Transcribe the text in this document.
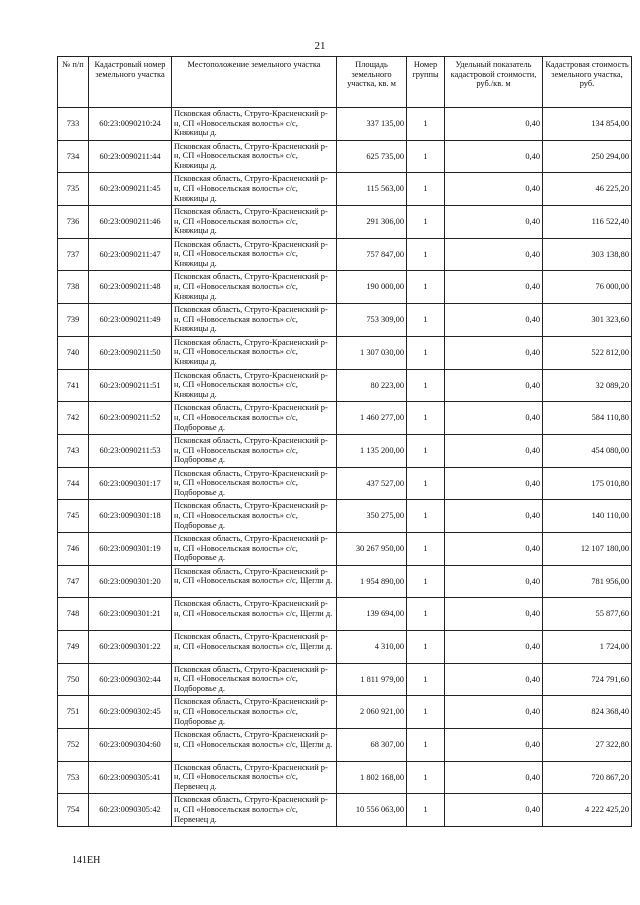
21
№ п/п	Кадастровый номер земельного участка	Местоположение земельного участка	Площадь земельного участка, кв. м	Номер группы	Удельный показатель кадастровой стоимости, руб./кв. м	Кадастровая стоимость земельного участка, руб.
733	60:23:0090210:24	Псковская область, Струго-Красненский р-н, СП «Новосельская волость» с/с, Княжицы д.	337 135,00	1	0,40	134 854,00
734	60:23:0090211:44	Псковская область, Струго-Красненский р-н, СП «Новосельская волость» с/с, Княжицы д.	625 735,00	1	0,40	250 294,00
735	60:23:0090211:45	Псковская область, Струго-Красненский р-н, СП «Новосельская волость» с/с, Княжицы д.	115 563,00	1	0,40	46 225,20
736	60:23:0090211:46	Псковская область, Струго-Красненский р-н, СП «Новосельская волость» с/с, Княжицы д.	291 306,00	1	0,40	116 522,40
737	60:23:0090211:47	Псковская область, Струго-Красненский р-н, СП «Новосельская волость» с/с, Княжицы д.	757 847,00	1	0,40	303 138,80
738	60:23:0090211:48	Псковская область, Струго-Красненский р-н, СП «Новосельская волость» с/с, Княжицы д.	190 000,00	1	0,40	76 000,00
739	60:23:0090211:49	Псковская область, Струго-Красненский р-н, СП «Новосельская волость» с/с, Княжицы д.	753 309,00	1	0,40	301 323,60
740	60:23:0090211:50	Псковская область, Струго-Красненский р-н, СП «Новосельская волость» с/с, Княжицы д.	1 307 030,00	1	0,40	522 812,00
741	60:23:0090211:51	Псковская область, Струго-Красненский р-н, СП «Новосельская волость» с/с, Княжицы д.	80 223,00	1	0,40	32 089,20
742	60:23:0090211:52	Псковская область, Струго-Красненский р-н, СП «Новосельская волость» с/с, Подборовье д.	1 460 277,00	1	0,40	584 110,80
743	60:23:0090211:53	Псковская область, Струго-Красненский р-н, СП «Новосельская волость» с/с, Подборовье д.	1 135 200,00	1	0,40	454 080,00
744	60:23:0090301:17	Псковская область, Струго-Красненский р-н, СП «Новосельская волость» с/с, Подборовье д.	437 527,00	1	0,40	175 010,80
745	60:23:0090301:18	Псковская область, Струго-Красненский р-н, СП «Новосельская волость» с/с, Подборовье д.	350 275,00	1	0,40	140 110,00
746	60:23:0090301:19	Псковская область, Струго-Красненский р-н, СП «Новосельская волость» с/с, Подборовье д.	30 267 950,00	1	0,40	12 107 180,00
747	60:23:0090301:20	Псковская область, Струго-Красненский р-н, СП «Новосельская волость» с/с, Щегли д.	1 954 890,00	1	0,40	781 956,00
748	60:23:0090301:21	Псковская область, Струго-Красненский р-н, СП «Новосельская волость» с/с, Щегли д.	139 694,00	1	0,40	55 877,60
749	60:23:0090301:22	Псковская область, Струго-Красненский р-н, СП «Новосельская волость» с/с, Щегли д.	4 310,00	1	0,40	1 724,00
750	60:23:0090302:44	Псковская область, Струго-Красненский р-н, СП «Новосельская волость» с/с, Подборовье д.	1 811 979,00	1	0,40	724 791,60
751	60:23:0090302:45	Псковская область, Струго-Красненский р-н, СП «Новосельская волость» с/с, Подборовье д.	2 060 921,00	1	0,40	824 368,40
752	60:23:0090304:60	Псковская область, Струго-Красненский р-н, СП «Новосельская волость» с/с, Щегли д.	68 307,00	1	0,40	27 322,80
753	60:23:0090305:41	Псковская область, Струго-Красненский р-н, СП «Новосельская волость» с/с, Первенец д.	1 802 168,00	1	0,40	720 867,20
754	60:23:0090305:42	Псковская область, Струго-Красненский р-н, СП «Новосельская волость» с/с, Первенец д.	10 556 063,00	1	0,40	4 222 425,20
141ЕН
